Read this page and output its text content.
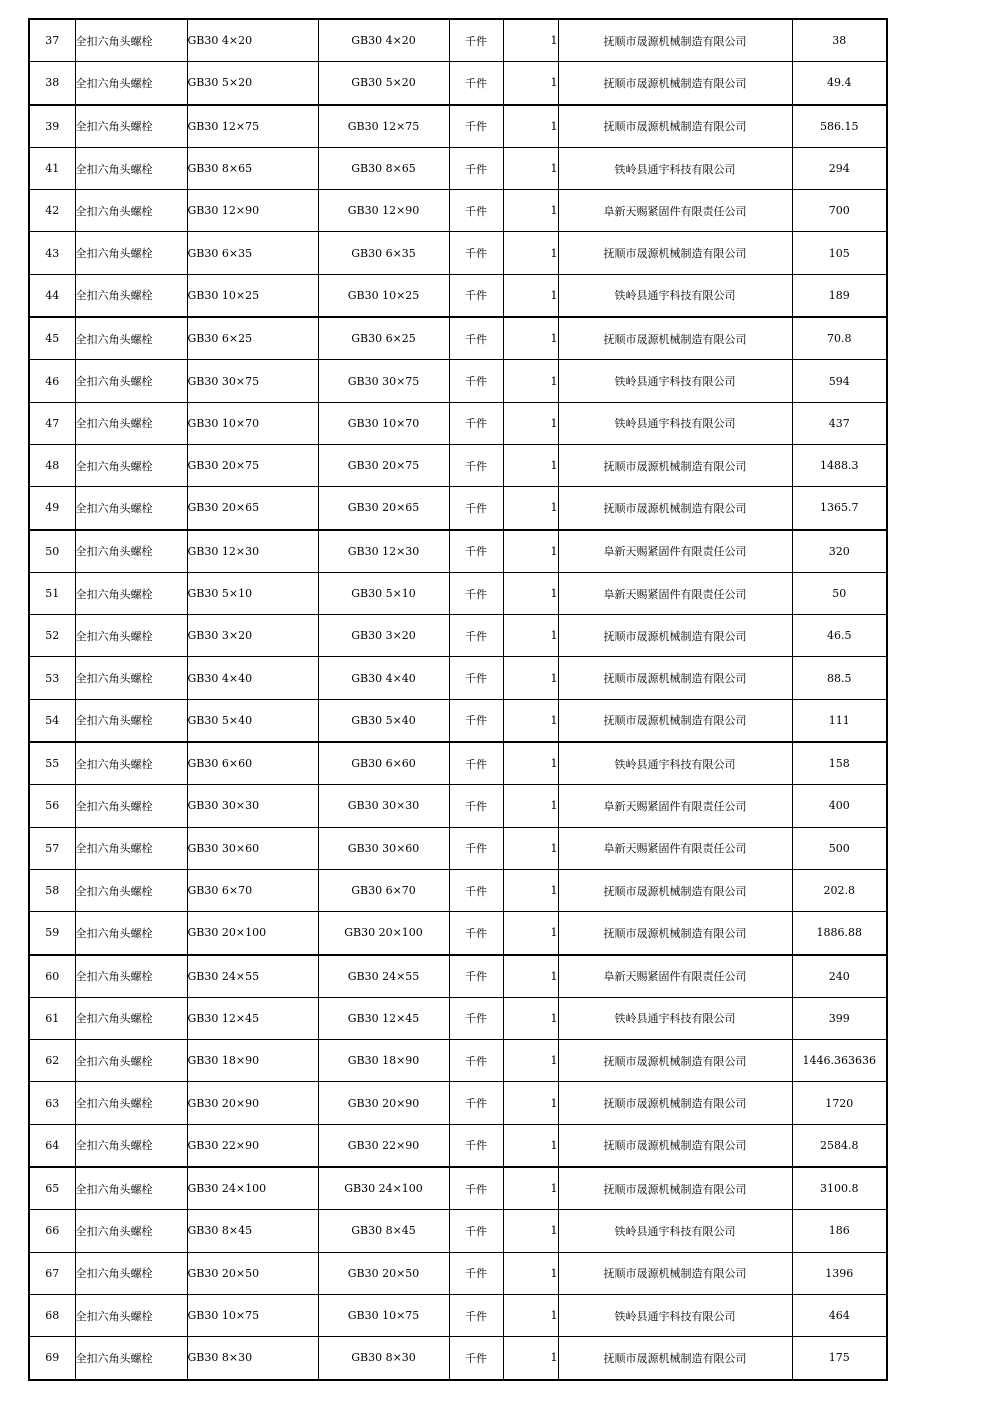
37	全扣六角头螺栓	GB30 4×20	GB30 4×20	千件	1	抚顺市晟源机械制造有限公司	38
38	全扣六角头螺栓	GB30 5×20	GB30 5×20	千件	1	抚顺市晟源机械制造有限公司	49.4
39	全扣六角头螺栓	GB30 12×75	GB30 12×75	千件	1	抚顺市晟源机械制造有限公司	586.15
41	全扣六角头螺栓	GB30 8×65	GB30 8×65	千件	1	铁岭县通宇科技有限公司	294
42	全扣六角头螺栓	GB30 12×90	GB30 12×90	千件	1	阜新天赐紧固件有限责任公司	700
43	全扣六角头螺栓	GB30 6×35	GB30 6×35	千件	1	抚顺市晟源机械制造有限公司	105
44	全扣六角头螺栓	GB30 10×25	GB30 10×25	千件	1	铁岭县通宇科技有限公司	189
45	全扣六角头螺栓	GB30 6×25	GB30 6×25	千件	1	抚顺市晟源机械制造有限公司	70.8
46	全扣六角头螺栓	GB30 30×75	GB30 30×75	千件	1	铁岭县通宇科技有限公司	594
47	全扣六角头螺栓	GB30 10×70	GB30 10×70	千件	1	铁岭县通宇科技有限公司	437
48	全扣六角头螺栓	GB30 20×75	GB30 20×75	千件	1	抚顺市晟源机械制造有限公司	1488.3
49	全扣六角头螺栓	GB30 20×65	GB30 20×65	千件	1	抚顺市晟源机械制造有限公司	1365.7
50	全扣六角头螺栓	GB30 12×30	GB30 12×30	千件	1	阜新天赐紧固件有限责任公司	320
51	全扣六角头螺栓	GB30 5×10	GB30 5×10	千件	1	阜新天赐紧固件有限责任公司	50
52	全扣六角头螺栓	GB30 3×20	GB30 3×20	千件	1	抚顺市晟源机械制造有限公司	46.5
53	全扣六角头螺栓	GB30 4×40	GB30 4×40	千件	1	抚顺市晟源机械制造有限公司	88.5
54	全扣六角头螺栓	GB30 5×40	GB30 5×40	千件	1	抚顺市晟源机械制造有限公司	111
55	全扣六角头螺栓	GB30 6×60	GB30 6×60	千件	1	铁岭县通宇科技有限公司	158
56	全扣六角头螺栓	GB30 30×30	GB30 30×30	千件	1	阜新天赐紧固件有限责任公司	400
57	全扣六角头螺栓	GB30 30×60	GB30 30×60	千件	1	阜新天赐紧固件有限责任公司	500
58	全扣六角头螺栓	GB30 6×70	GB30 6×70	千件	1	抚顺市晟源机械制造有限公司	202.8
59	全扣六角头螺栓	GB30 20×100	GB30 20×100	千件	1	抚顺市晟源机械制造有限公司	1886.88
60	全扣六角头螺栓	GB30 24×55	GB30 24×55	千件	1	阜新天赐紧固件有限责任公司	240
61	全扣六角头螺栓	GB30 12×45	GB30 12×45	千件	1	铁岭县通宇科技有限公司	399
62	全扣六角头螺栓	GB30 18×90	GB30 18×90	千件	1	抚顺市晟源机械制造有限公司	1446.363636
63	全扣六角头螺栓	GB30 20×90	GB30 20×90	千件	1	抚顺市晟源机械制造有限公司	1720
64	全扣六角头螺栓	GB30 22×90	GB30 22×90	千件	1	抚顺市晟源机械制造有限公司	2584.8
65	全扣六角头螺栓	GB30 24×100	GB30 24×100	千件	1	抚顺市晟源机械制造有限公司	3100.8
66	全扣六角头螺栓	GB30 8×45	GB30 8×45	千件	1	铁岭县通宇科技有限公司	186
67	全扣六角头螺栓	GB30 20×50	GB30 20×50	千件	1	抚顺市晟源机械制造有限公司	1396
68	全扣六角头螺栓	GB30 10×75	GB30 10×75	千件	1	铁岭县通宇科技有限公司	464
69	全扣六角头螺栓	GB30 8×30	GB30 8×30	千件	1	抚顺市晟源机械制造有限公司	175
